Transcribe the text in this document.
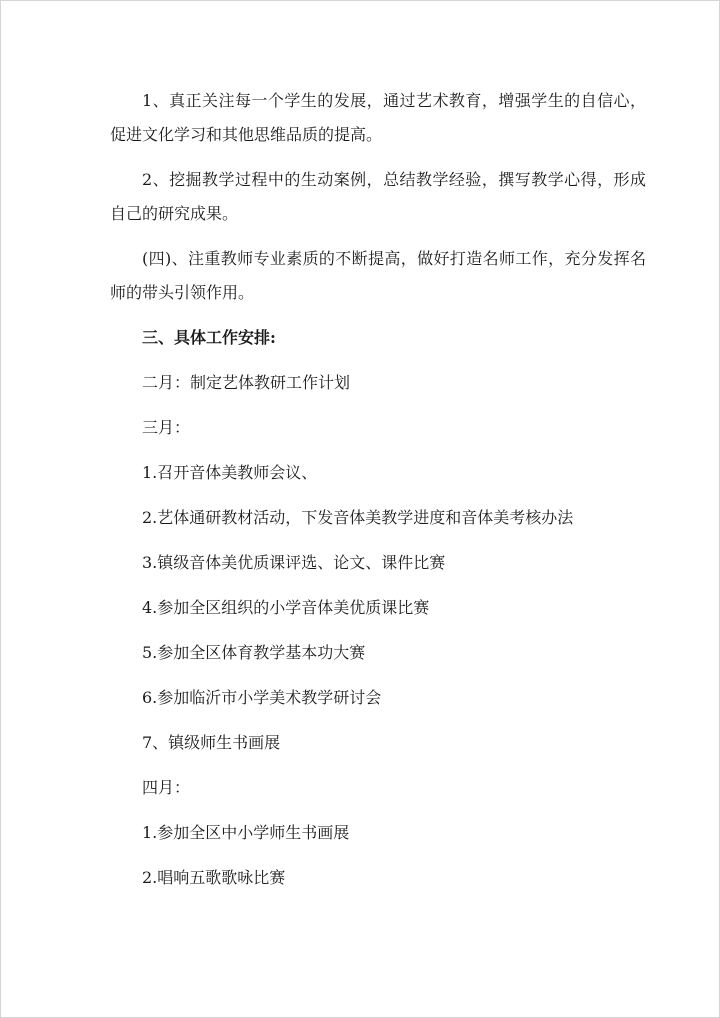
1、真正关注每一个学生的发展，通过艺术教育，增强学生的自信心，促进文化学习和其他思维品质的提高。

2、挖掘教学过程中的生动案例，总结教学经验，撰写教学心得，形成自己的研究成果。

(四)、注重教师专业素质的不断提高，做好打造名师工作，充分发挥名师的带头引领作用。

三、具体工作安排:

二月：制定艺体教研工作计划

三月：

1.召开音体美教师会议、

2.艺体通研教材活动，下发音体美教学进度和音体美考核办法

3.镇级音体美优质课评选、论文、课件比赛

4.参加全区组织的小学音体美优质课比赛

5.参加全区体育教学基本功大赛

6.参加临沂市小学美术教学研讨会

7、镇级师生书画展

四月：

1.参加全区中小学师生书画展

2.唱响五歌歌咏比赛
